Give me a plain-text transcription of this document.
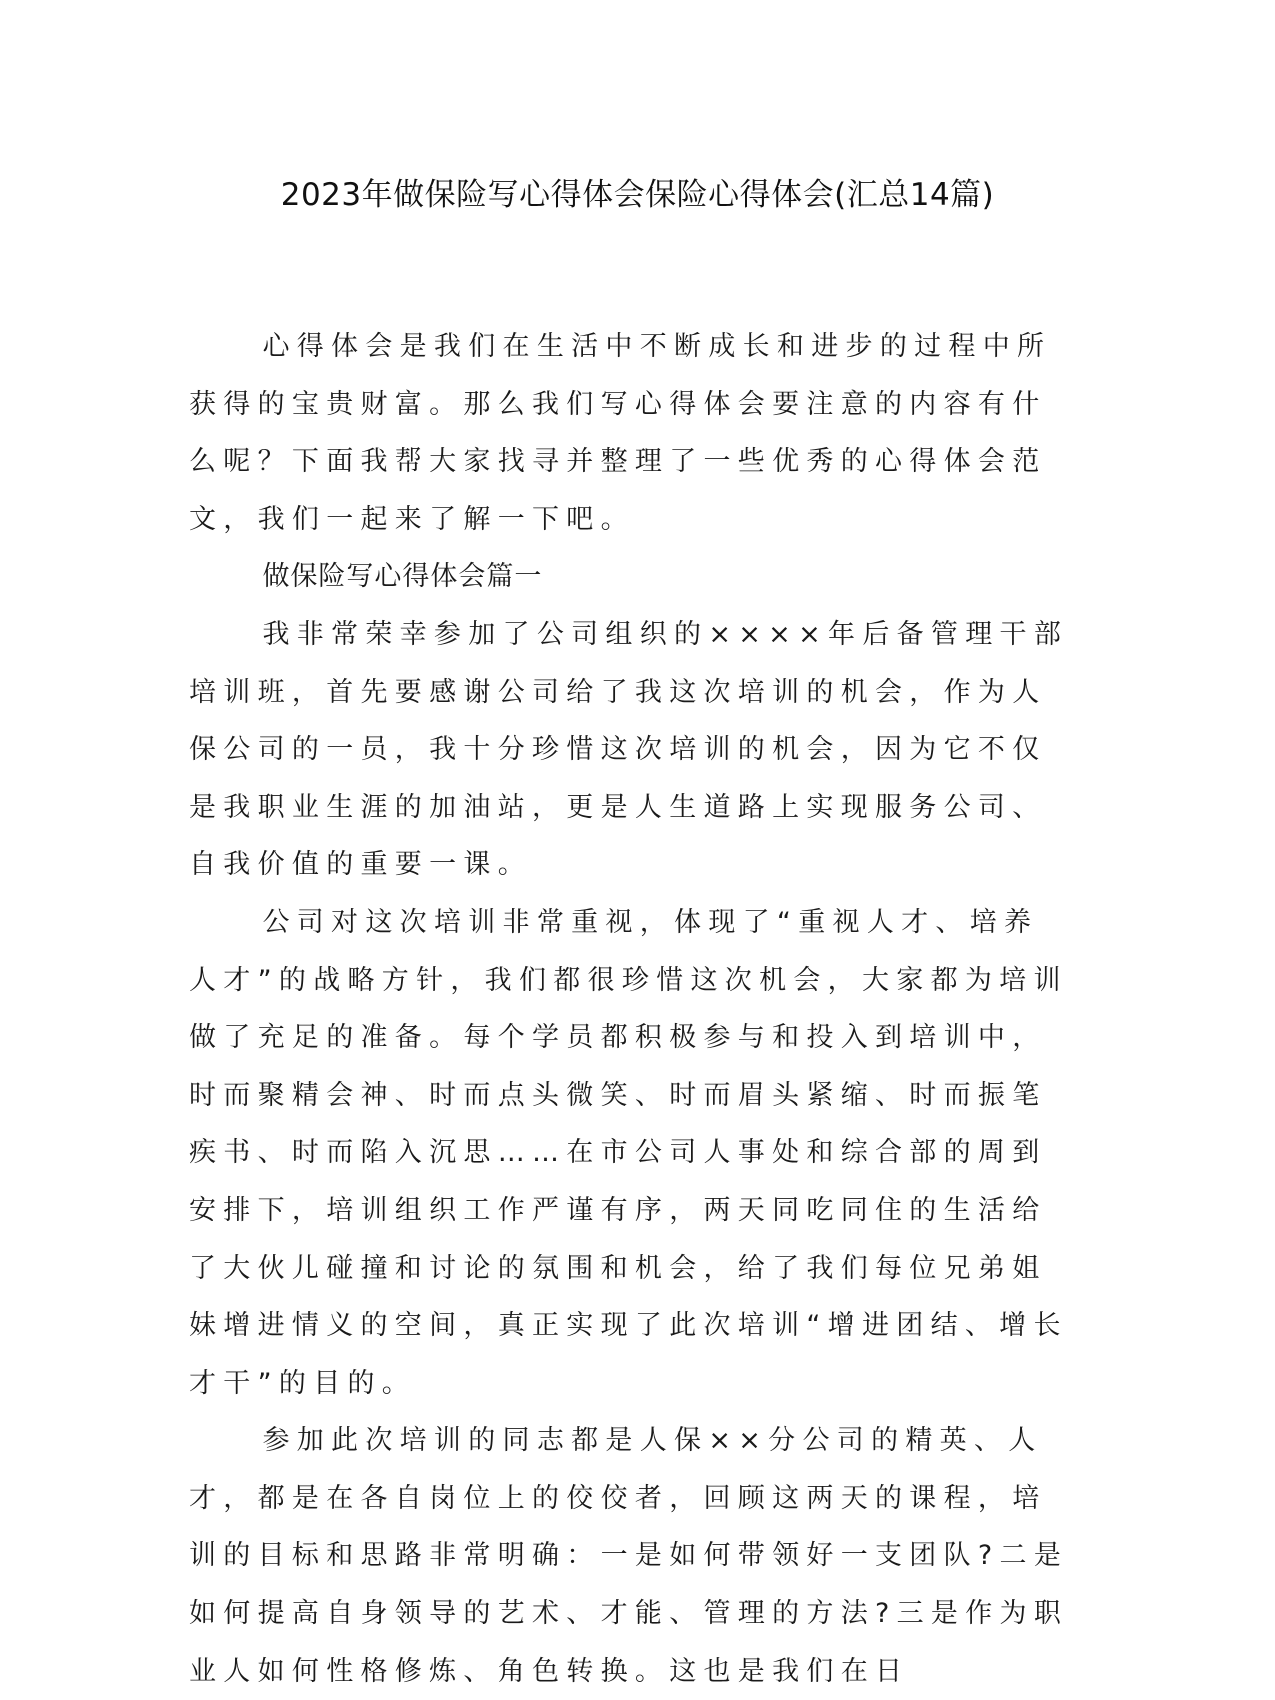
2023年做保险写心得体会保险心得体会(汇总14篇)

心得体会是我们在生活中不断成长和进步的过程中所获得的宝贵财富。那么我们写心得体会要注意的内容有什么呢？下面我帮大家找寻并整理了一些优秀的心得体会范文，我们一起来了解一下吧。

做保险写心得体会篇一

我非常荣幸参加了公司组织的××××年后备管理干部培训班，首先要感谢公司给了我这次培训的机会，作为人保公司的一员，我十分珍惜这次培训的机会，因为它不仅是我职业生涯的加油站，更是人生道路上实现服务公司、自我价值的重要一课。

公司对这次培训非常重视，体现了“重视人才、培养人才”的战略方针，我们都很珍惜这次机会，大家都为培训做了充足的准备。每个学员都积极参与和投入到培训中，时而聚精会神、时而点头微笑、时而眉头紧缩、时而振笔疾书、时而陷入沉思……在市公司人事处和综合部的周到安排下，培训组织工作严谨有序，两天同吃同住的生活给了大伙儿碰撞和讨论的氛围和机会，给了我们每位兄弟姐妹增进情义的空间，真正实现了此次培训“增进团结、增长才干”的目的。

参加此次培训的同志都是人保××分公司的精英、人才，都是在各自岗位上的佼佼者，回顾这两天的课程，培训的目标和思路非常明确：一是如何带领好一支团队?二是如何提高自身领导的艺术、才能、管理的方法?三是作为职业人如何性格修炼、角色转换。这也是我们在日
